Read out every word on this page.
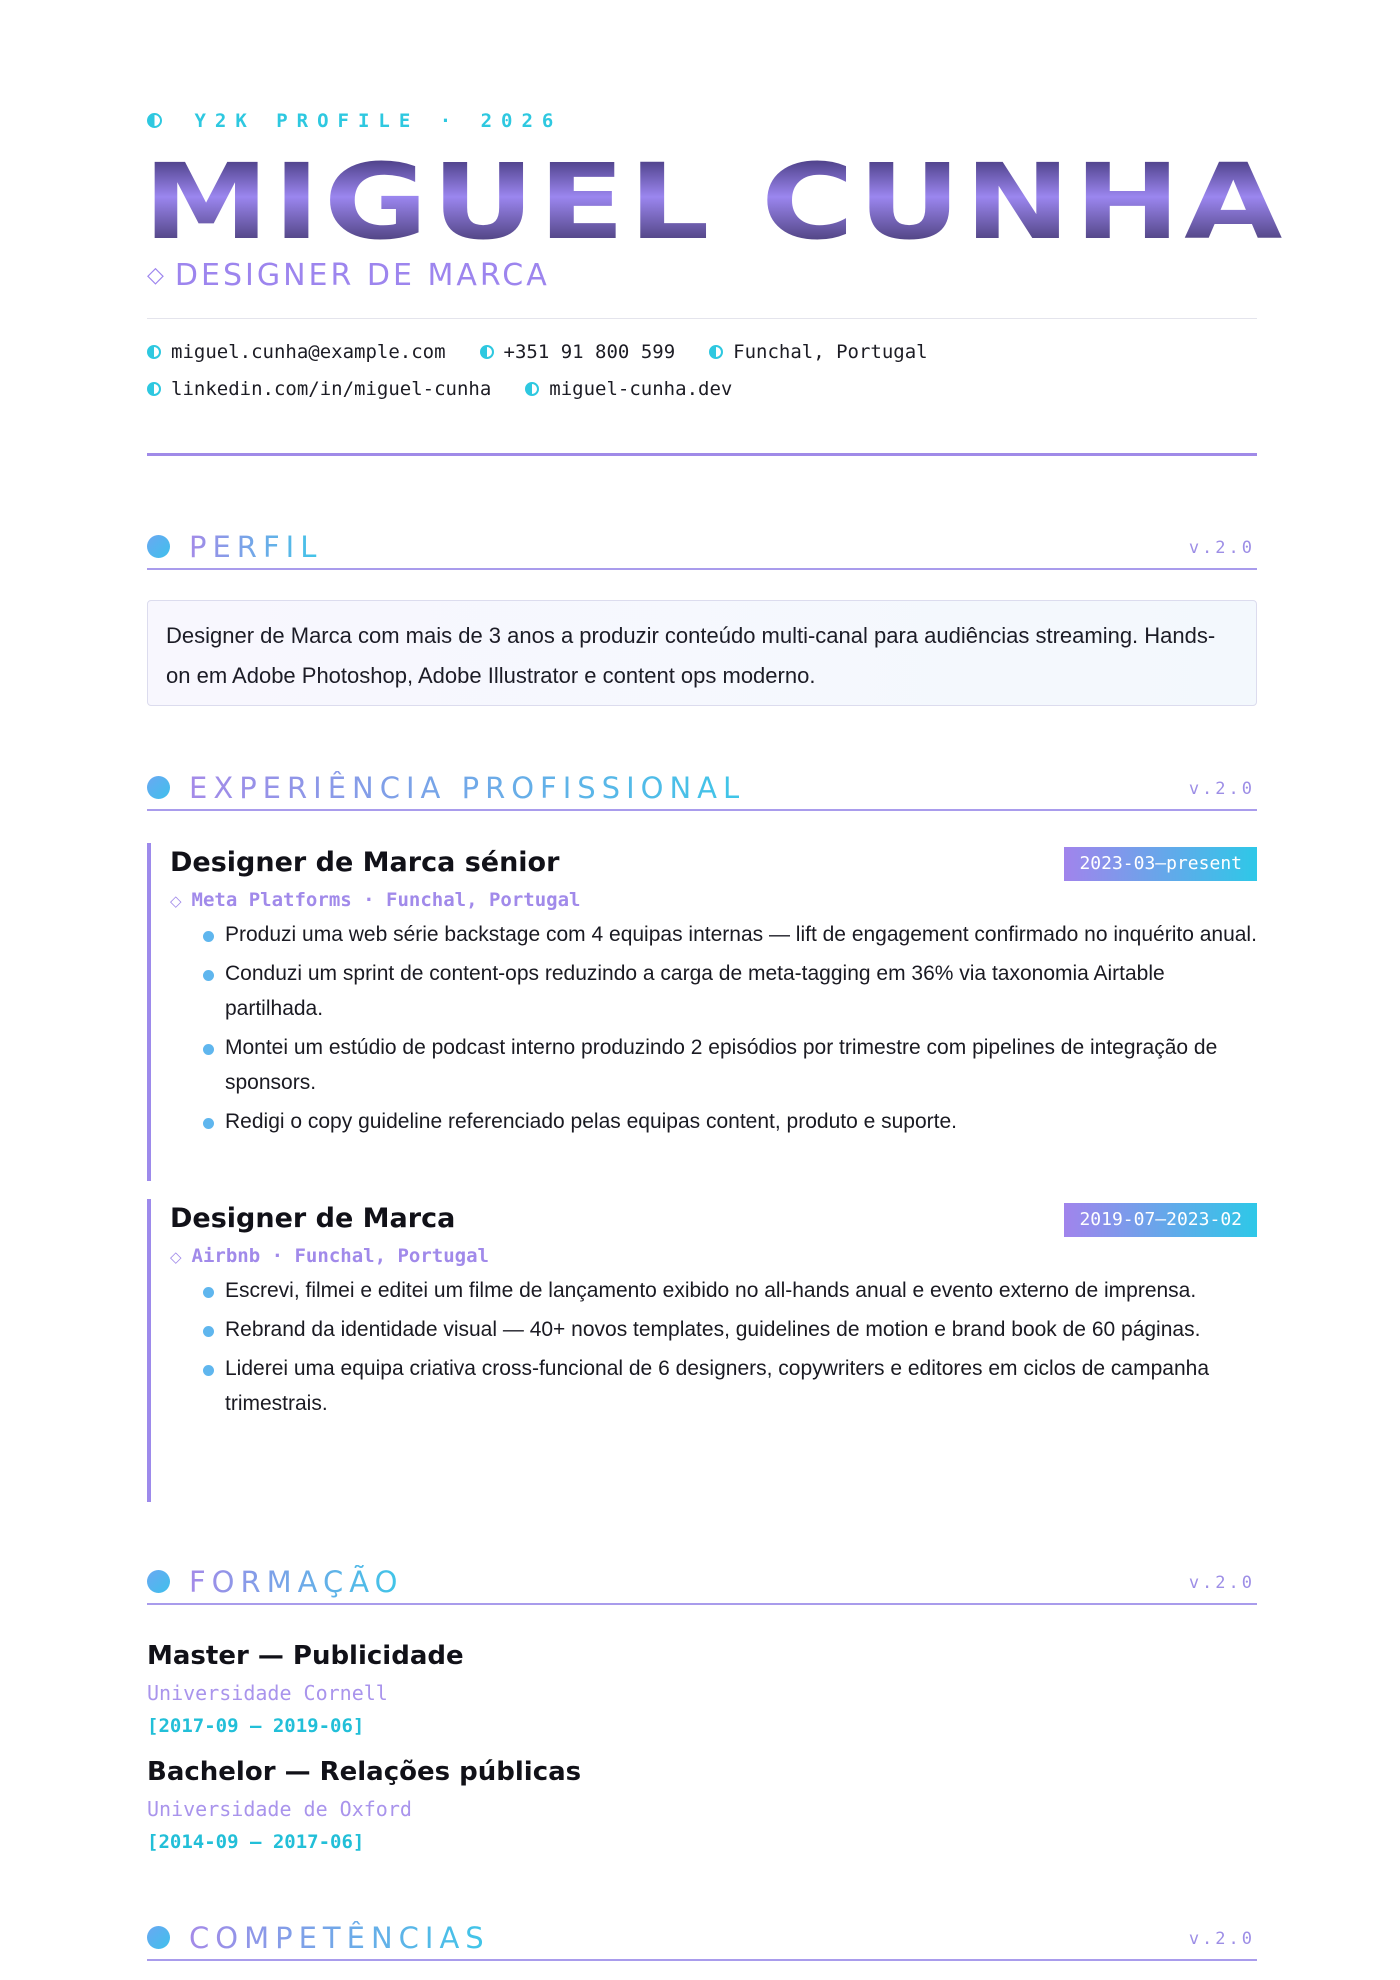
Y2K PROFILE · 2026
MIGUEL CUNHA
◇ DESIGNER DE MARCA
miguel.cunha@example.com	+351 91 800 599	Funchal, Portugal
linkedin.com/in/miguel-cunha	miguel-cunha.dev
PERFIL	v.2.0
Designer de Marca com mais de 3 anos a produzir conteúdo multi-canal para audiências streaming. Hands-on em Adobe Photoshop, Adobe Illustrator e content ops moderno.
EXPERIÊNCIA PROFISSIONAL	v.2.0
Designer de Marca sénior	2023-03—present
◇ Meta Platforms · Funchal, Portugal
Produzi uma web série backstage com 4 equipas internas — lift de engagement confirmado no inquérito anual.
Conduzi um sprint de content-ops reduzindo a carga de meta-tagging em 36% via taxonomia Airtable partilhada.
Montei um estúdio de podcast interno produzindo 2 episódios por trimestre com pipelines de integração de sponsors.
Redigi o copy guideline referenciado pelas equipas content, produto e suporte.
Designer de Marca	2019-07—2023-02
◇ Airbnb · Funchal, Portugal
Escrevi, filmei e editei um filme de lançamento exibido no all-hands anual e evento externo de imprensa.
Rebrand da identidade visual — 40+ novos templates, guidelines de motion e brand book de 60 páginas.
Liderei uma equipa criativa cross-funcional de 6 designers, copywriters e editores em ciclos de campanha trimestrais.
FORMAÇÃO	v.2.0
Master — Publicidade
Universidade Cornell
[2017-09 – 2019-06]
Bachelor — Relações públicas
Universidade de Oxford
[2014-09 – 2017-06]
COMPETÊNCIAS	v.2.0
